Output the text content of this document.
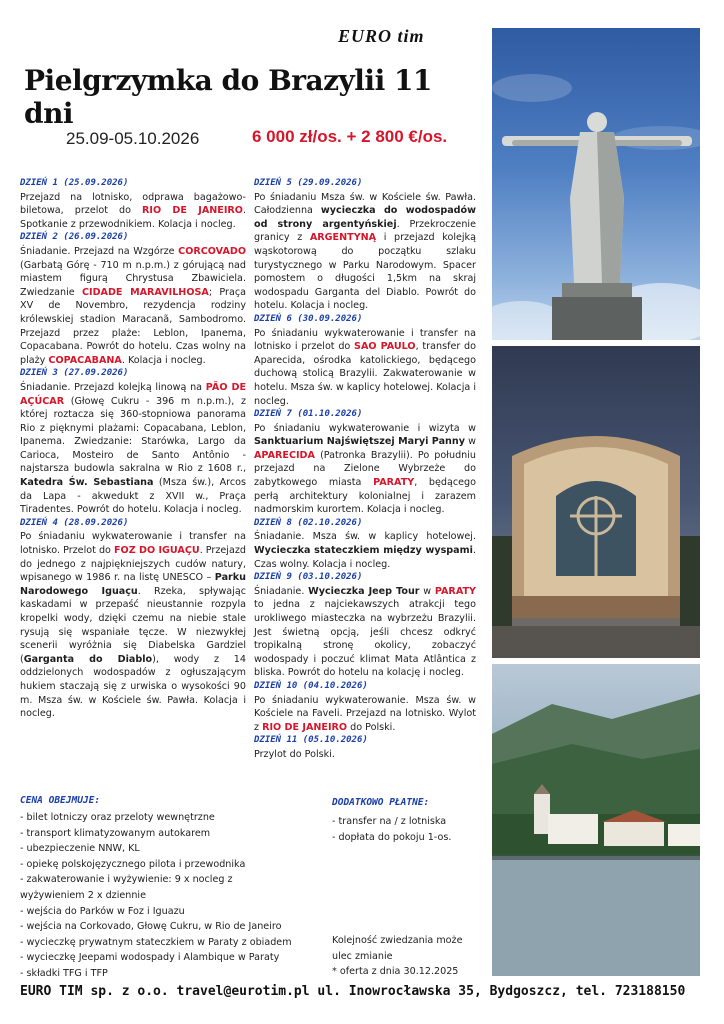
EURO tim
Pielgrzymka do Brazylii 11 dni
25.09-05.10.2026	6 000 zł/os. + 2 800 €/os.
DZIEŃ 1 (25.09.2026)
Przejazd na lotnisko, odprawa bagażowo-biletowa, przelot do RIO DE JANEIRO. Spotkanie z przewodnikiem. Kolacja i nocleg.
DZIEŃ 2 (26.09.2026)
Śniadanie. Przejazd na Wzgórze CORCOVADO (Garbatą Górę - 710 m n.p.m.) z górującą nad miastem figurą Chrystusa Zbawiciela. Zwiedzanie CIDADE MARAVILHOSA; Praça XV de Novembro, rezydencja rodziny królewskiej stadion Maracanã, Sambodromo. Przejazd przez plaże: Leblon, Ipanema, Copacabana. Powrót do hotelu. Czas wolny na plaży COPACABANA. Kolacja i nocleg.
DZIEŃ 3 (27.09.2026)
Śniadanie. Przejazd kolejką linową na PÃO DE AÇÚCAR (Głowę Cukru - 396 m n.p.m.), z której roztacza się 360-stopniowa panorama Rio z pięknymi plażami: Copacabana, Leblon, Ipanema. Zwiedzanie: Starówka, Largo da Carioca, Mosteiro de Santo Antônio - najstarsza budowla sakralna w Rio z 1608 r., Katedra Św. Sebastiana (Msza św.), Arcos da Lapa - akwedukt z XVII w., Praça Tiradentes. Powrót do hotelu. Kolacja i nocleg.
DZIEŃ 4 (28.09.2026)
Po śniadaniu wykwaterowanie i transfer na lotnisko. Przelot do FOZ DO IGUAÇU. Przejazd do jednego z najpiękniejszych cudów natury, wpisanego w 1986 r. na listę UNESCO – Parku Narodowego Iguaçu. Rzeka, spływając kaskadami w przepaść nieustannie rozpyla kropelki wody, dzięki czemu na niebie stale rysują się wspaniałe tęcze. W niezwykłej scenerii wyróżnia się Diabelska Gardziel (Garganta do Diablo), wody z 14 oddzielonych wodospadów z ogłuszającym hukiem staczają się z urwiska o wysokości 90 m. Msza św. w Kościele św. Pawła. Kolacja i nocleg.
DZIEŃ 5 (29.09.2026)
Po śniadaniu Msza św. w Kościele św. Pawła. Całodzienna wycieczka do wodospadów od strony argentyńskiej. Przekroczenie granicy z ARGENTYNĄ i przejazd kolejką wąskotorową do początku szlaku turystycznego w Parku Narodowym. Spacer pomostem o długości 1,5km na skraj wodospadu Garganta del Diablo. Powrót do hotelu. Kolacja i nocleg.
DZIEŃ 6 (30.09.2026)
Po śniadaniu wykwaterowanie i transfer na lotnisko i przelot do SAO PAULO, transfer do Aparecida, ośrodka katolickiego, będącego duchową stolicą Brazylii. Zakwaterowanie w hotelu. Msza św. w kaplicy hotelowej. Kolacja i nocleg.
DZIEŃ 7 (01.10.2026)
Po śniadaniu wykwaterowanie i wizyta w Sanktuarium Najświętszej Maryi Panny w APARECIDA (Patronka Brazylii). Po południu przejazd na Zielone Wybrzeże do zabytkowego miasta PARATY, będącego perłą architektury kolonialnej i zarazem nadmorskim kurortem. Kolacja i nocleg.
DZIEŃ 8 (02.10.2026)
Śniadanie. Msza św. w kaplicy hotelowej. Wycieczka stateczkiem między wyspami. Czas wolny. Kolacja i nocleg.
DZIEŃ 9 (03.10.2026)
Śniadanie. Wycieczka Jeep Tour w PARATY to jedna z najciekawszych atrakcji tego urokliwego miasteczka na wybrzeżu Brazylii. Jest świetną opcją, jeśli chcesz odkryć tropikalną stronę okolicy, zobaczyć wodospady i poczuć klimat Mata Atlântica z bliska. Powrót do hotelu na kolację i nocleg.
DZIEŃ 10 (04.10.2026)
Po śniadaniu wykwaterowanie. Msza św. w Kościele na Faveli. Przejazd na lotnisko. Wylot z RIO DE JANEIRO do Polski.
DZIEŃ 11 (05.10.2026)
Przylot do Polski.
CENA OBEJMUJE:
- bilet lotniczy oraz przeloty wewnętrzne
- transport klimatyzowanym autokarem
- ubezpieczenie NNW, KL
- opiekę polskojęzycznego pilota i przewodnika
- zakwaterowanie i wyżywienie: 9 x nocleg z wyżywieniem 2 x dziennie
- wejścia do Parków w Foz i Iguazu
- wejścia na Corkovado, Głowę Cukru, w Rio de Janeiro
- wycieczkę prywatnym stateczkiem w Paraty z obiadem
- wycieczkę Jeepami wodospady i Alambique w Paraty
- składki TFG i TFP
DODATKOWO PŁATNE:
- transfer na / z lotniska
- dopłata do pokoju 1-os.
Kolejność zwiedzania może ulec zmianie
* oferta z dnia 30.12.2025
EURO TIM sp. z o.o. travel@eurotim.pl ul. Inowrocławska 35, Bydgoszcz, tel. 723188150
